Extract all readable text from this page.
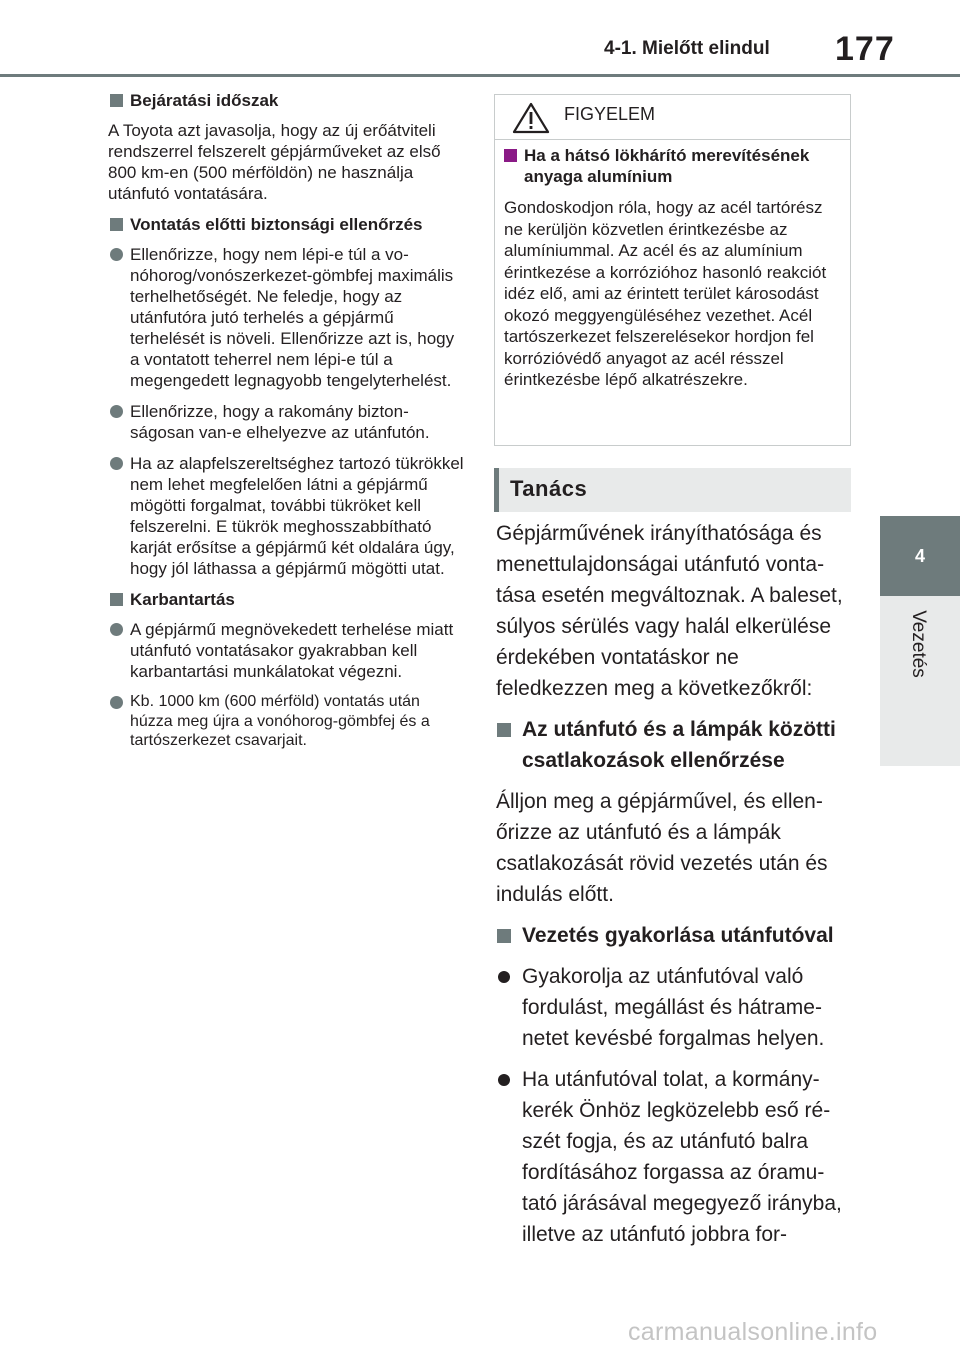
4-1. Mielőtt elindul 177
4
Vezetés
Bejáratási időszak
A Toyota azt javasolja, hogy az új erőátviteli rendszerrel felszerelt gépjárműveket az első 800 km-en (500 mérföldön) ne használja utánfutó vontatására.
Vontatás előtti biztonsági ellenőrzés
Ellenőrizze, hogy nem lépi-e túl a vonóhorog/vonószerkezet-gömbfej maximális terhelhetőségét. Ne feledje, hogy az utánfutóra jutó terhelés a gépjármű terhelését is növeli. Ellenőrizze azt is, hogy a vontatott teherrel nem lépi-e túl a megengedett legnagyobb tengelyterhelést.
Ellenőrizze, hogy a rakomány biztonságosan van-e elhelyezve az utánfutón.
Ha az alapfelszereltséghez tartozó tükrökkel nem lehet megfelelően látni a gépjármű mögötti forgalmat, további tükröket kell felszerelni. E tükrök meghosszabbítható karját erősítse a gépjármű két oldalára úgy, hogy jól láthassa a gépjármű mögötti utat.
Karbantartás
A gépjármű megnövekedett terhelése miatt utánfutó vontatásakor gyakrabban kell karbantartási munkálatokat végezni.
Kb. 1000 km (600 mérföld) vontatás után húzza meg újra a vonóhorog-gömbfej és a tartószerkezet csavarjait.
FIGYELEM
Ha a hátsó lökhárító merevítésének anyaga alumínium
Gondoskodjon róla, hogy az acél tartórész ne kerüljön közvetlen érintkezésbe az alumíniummal. Az acél és az alumínium érintkezése a korrózióhoz hasonló reakciót idéz elő, ami az érintett terület károsodást okozó meggyengüléséhez vezethet. Acél tartószerkezet felszerelésekor hordjon fel korrózióvédő anyagot az acél résszel érintkezésbe lépő alkatrészekre.
Tanács
Gépjárművének irányíthatósága és menettulajdonságai utánfutó vontatása esetén megváltoznak. A baleset, súlyos sérülés vagy halál elkerülése érdekében vontatáskor ne feledkezzen meg a következőkről:
Az utánfutó és a lámpák közötti csatlakozások ellenőrzése
Álljon meg a gépjárművel, és ellenőrizze az utánfutó és a lámpák csatlakozását rövid vezetés után és indulás előtt.
Vezetés gyakorlása utánfutóval
Gyakorolja az utánfutóval való fordulást, megállást és hátramenetet kevésbé forgalmas helyen.
Ha utánfutóval tolat, a kormánykerék Önhöz legközelebb eső részét fogja, és az utánfutó balra fordításához forgassa az óramutató járásával megegyező irányba, illetve az utánfutó jobbra for-
carmanualsonline.info
